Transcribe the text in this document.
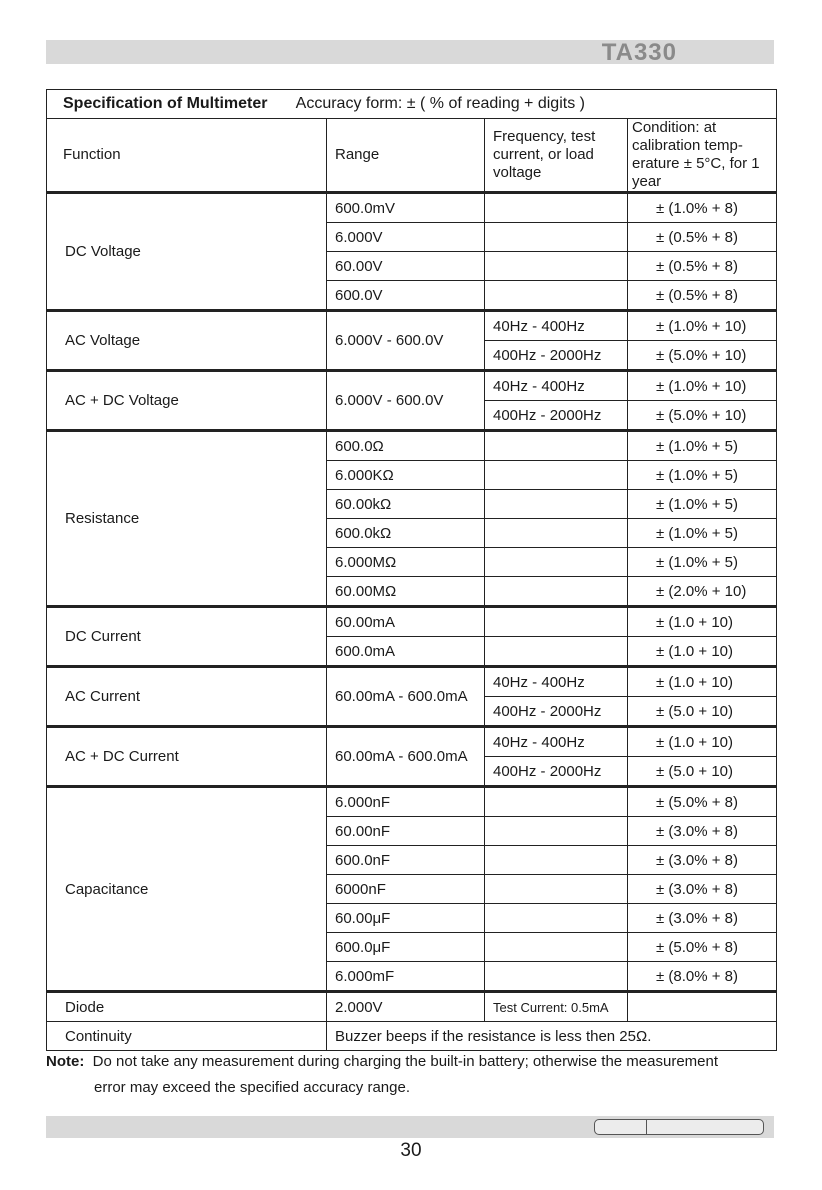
TA330
Specification of Multimeter Accuracy form: ± ( % of reading + digits )			
Function	Range	Frequency, test current, or load voltage	Condition: at calibration temp-erature ± 5°C, for 1 year
DC Voltage	600.0mV		± (1.0% + 8)
	6.000V		± (0.5% + 8)
	60.00V		± (0.5% + 8)
	600.0V		± (0.5% + 8)
AC Voltage	6.000V - 600.0V	40Hz - 400Hz	± (1.0% + 10)
		400Hz - 2000Hz	± (5.0% + 10)
AC + DC Voltage	6.000V - 600.0V	40Hz - 400Hz	± (1.0% + 10)
		400Hz - 2000Hz	± (5.0% + 10)
Resistance	600.0Ω		± (1.0% + 5)
	6.000KΩ		± (1.0% + 5)
	60.00kΩ		± (1.0% + 5)
	600.0kΩ		± (1.0% + 5)
	6.000MΩ		± (1.0% + 5)
	60.00MΩ		± (2.0% + 10)
DC Current	60.00mA		± (1.0 + 10)
	600.0mA		± (1.0 + 10)
AC Current	60.00mA - 600.0mA	40Hz - 400Hz	± (1.0 + 10)
		400Hz - 2000Hz	± (5.0 + 10)
AC + DC Current	60.00mA - 600.0mA	40Hz - 400Hz	± (1.0 + 10)
		400Hz - 2000Hz	± (5.0 + 10)
Capacitance	6.000nF		± (5.0% + 8)
	60.00nF		± (3.0% + 8)
	600.0nF		± (3.0% + 8)
	6000nF		± (3.0% + 8)
	60.00μF		± (3.0% + 8)
	600.0μF		± (5.0% + 8)
	6.000mF		± (8.0% + 8)
Diode	2.000V	Test Current: 0.5mA	
Continuity	Buzzer beeps if the resistance is less then 25Ω.		
Note: Do not take any measurement during charging the built-in battery; otherwise the measurement
error may exceed the specified accuracy range.
30
